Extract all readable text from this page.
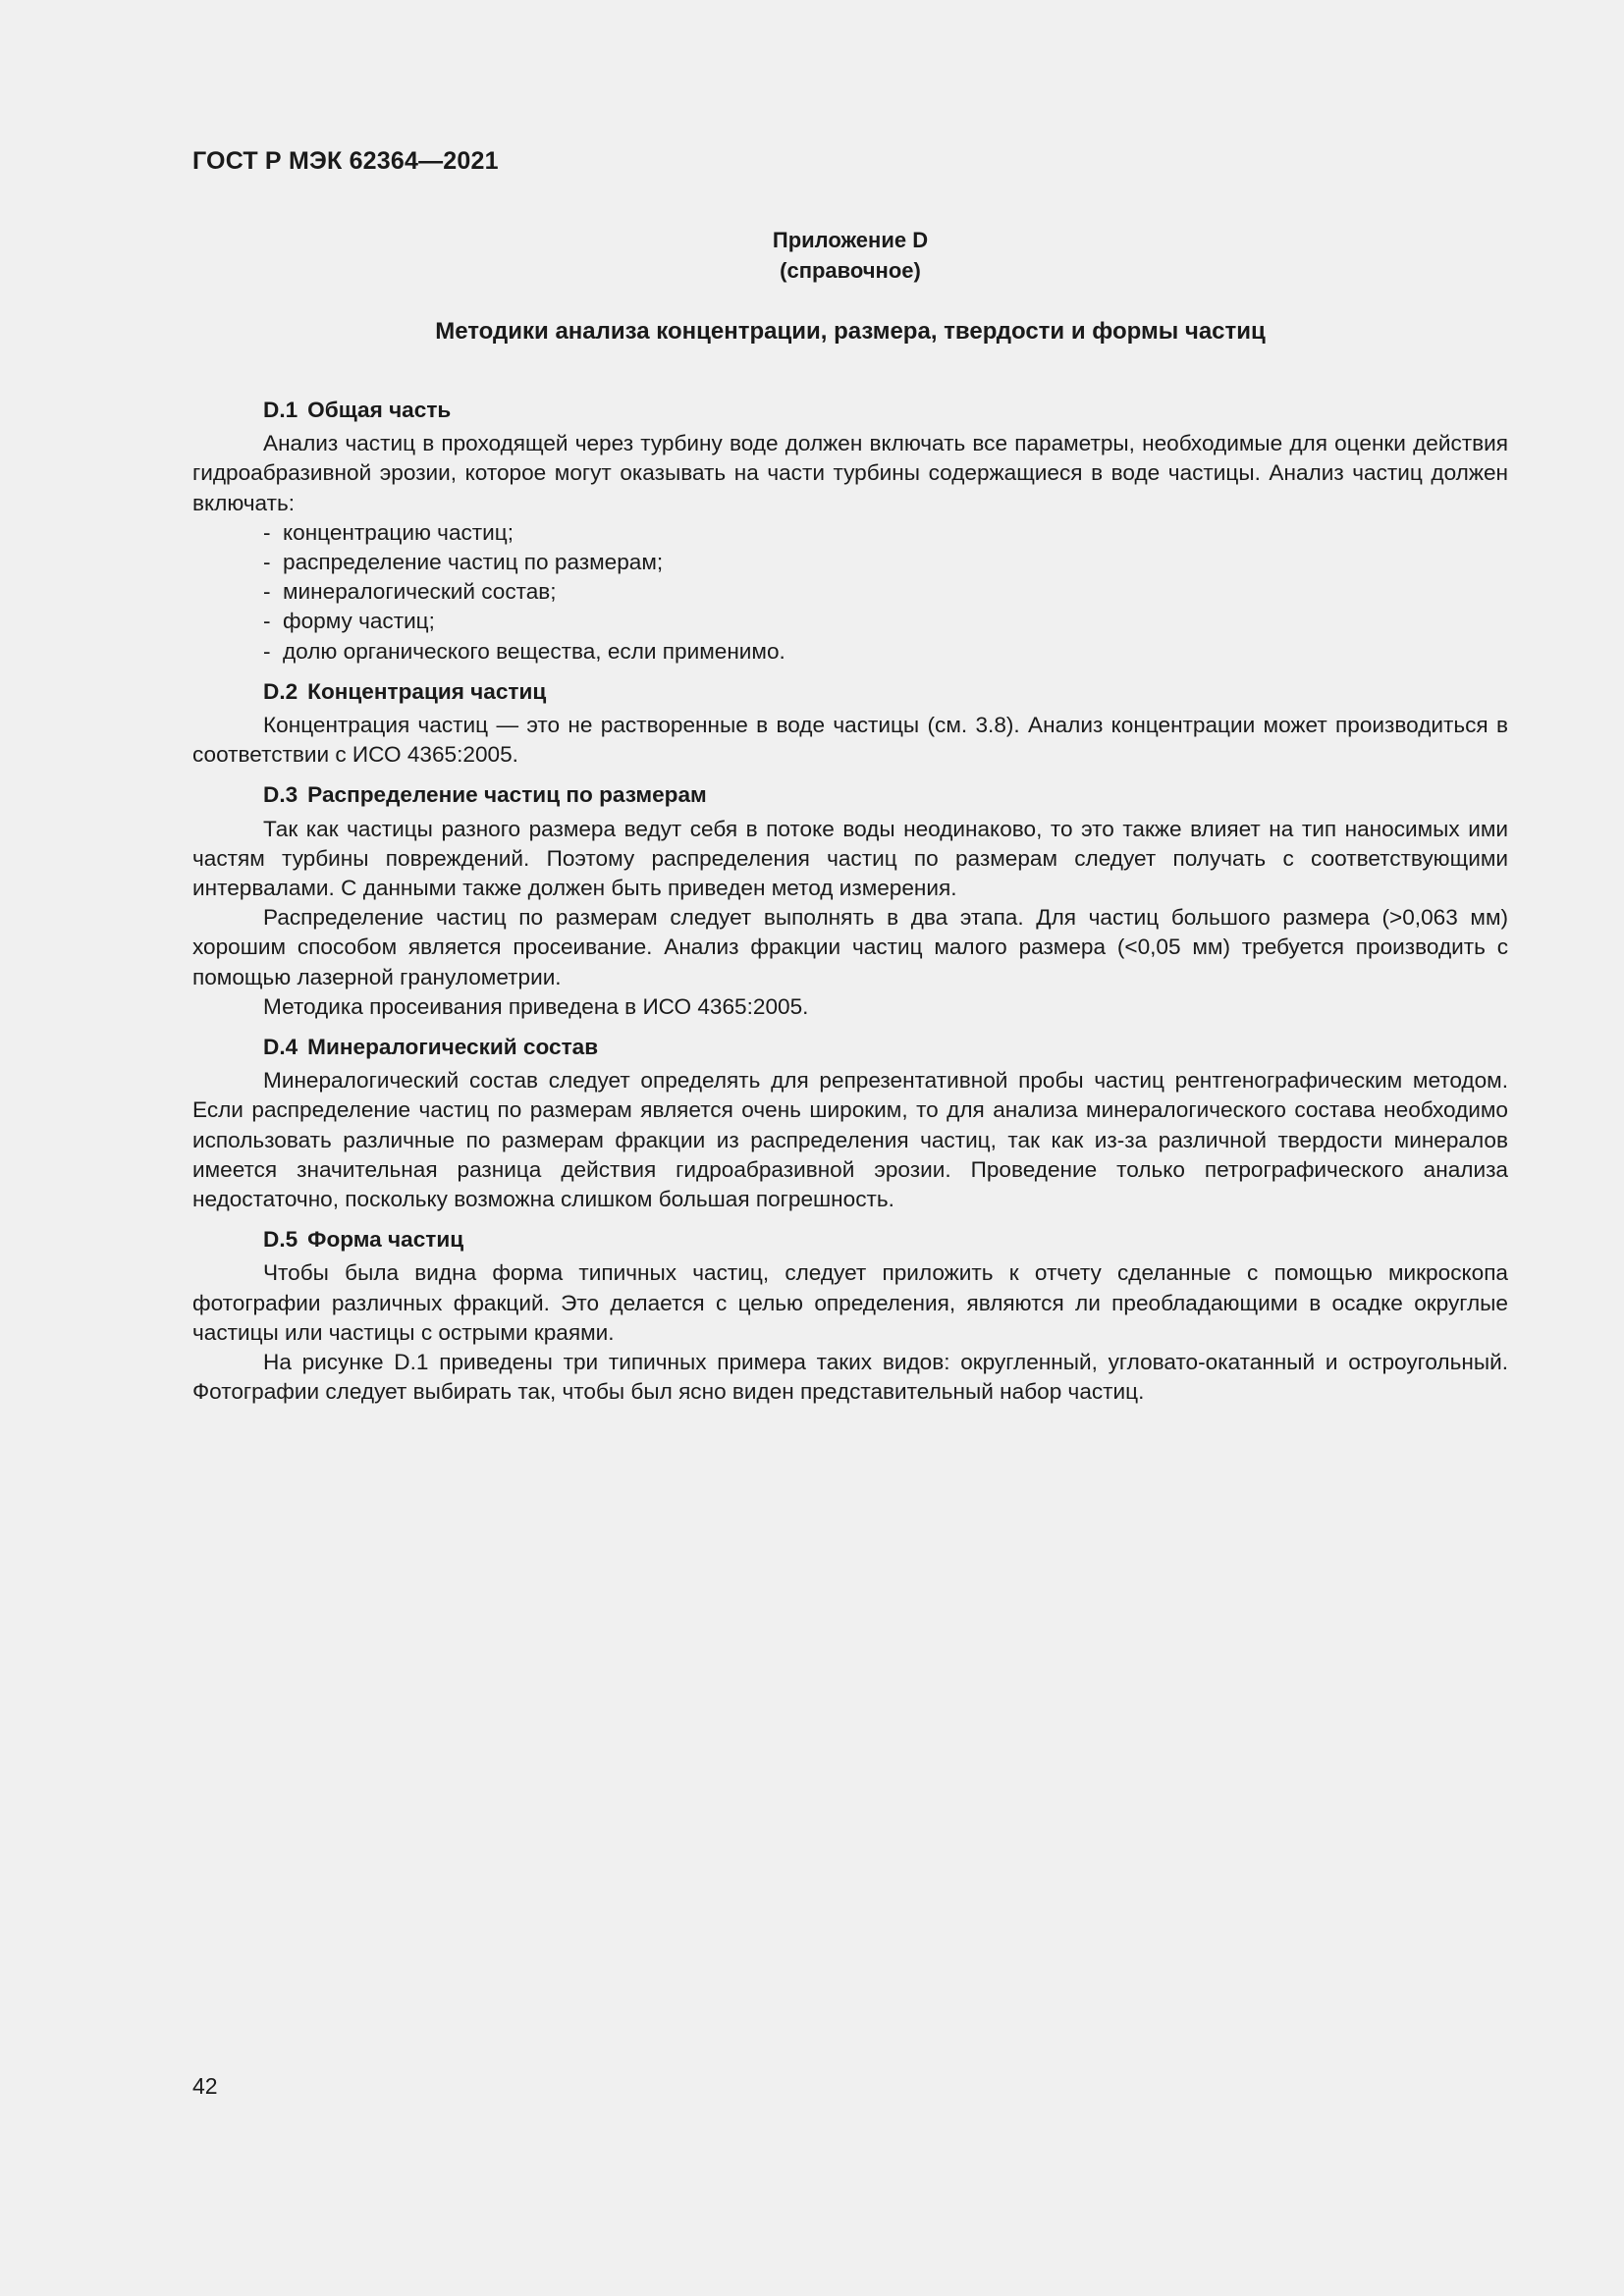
ГОСТ Р МЭК 62364—2021
Приложение D
(справочное)
Методики анализа концентрации, размера, твердости и формы частиц
D.1 Общая часть

Анализ частиц в проходящей через турбину воде должен включать все параметры, необходимые для оценки действия гидроабразивной эрозии, которое могут оказывать на части турбины содержащиеся в воде частицы. Анализ частиц должен включать:

- концентрацию частиц;
- распределение частиц по размерам;
- минералогический состав;
- форму частиц;
- долю органического вещества, если применимо.
D.2 Концентрация частиц

Концентрация частиц — это не растворенные в воде частицы (см. 3.8). Анализ концентрации может производиться в соответствии с ИСО 4365:2005.

D.3 Распределение частиц по размерам

Так как частицы разного размера ведут себя в потоке воды неодинаково, то это также влияет на тип наносимых ими частям турбины повреждений. Поэтому распределения частиц по размерам следует получать с соответствующими интервалами. С данными также должен быть приведен метод измерения.

Распределение частиц по размерам следует выполнять в два этапа. Для частиц большого размера (>0,063 мм) хорошим способом является просеивание. Анализ фракции частиц малого размера (<0,05 мм) требуется производить с помощью лазерной гранулометрии.

Методика просеивания приведена в ИСО 4365:2005.

D.4 Минералогический состав

Минералогический состав следует определять для репрезентативной пробы частиц рентгенографическим методом. Если распределение частиц по размерам является очень широким, то для анализа минералогического состава необходимо использовать различные по размерам фракции из распределения частиц, так как из-за различной твердости минералов имеется значительная разница действия гидроабразивной эрозии. Проведение только петрографического анализа недостаточно, поскольку возможна слишком большая погрешность.

D.5 Форма частиц

Чтобы была видна форма типичных частиц, следует приложить к отчету сделанные с помощью микроскопа фотографии различных фракций. Это делается с целью определения, являются ли преобладающими в осадке округлые частицы или частицы с острыми краями.

На рисунке D.1 приведены три типичных примера таких видов: округленный, угловато-окатанный и остроугольный. Фотографии следует выбирать так, чтобы был ясно виден представительный набор частиц.

42
